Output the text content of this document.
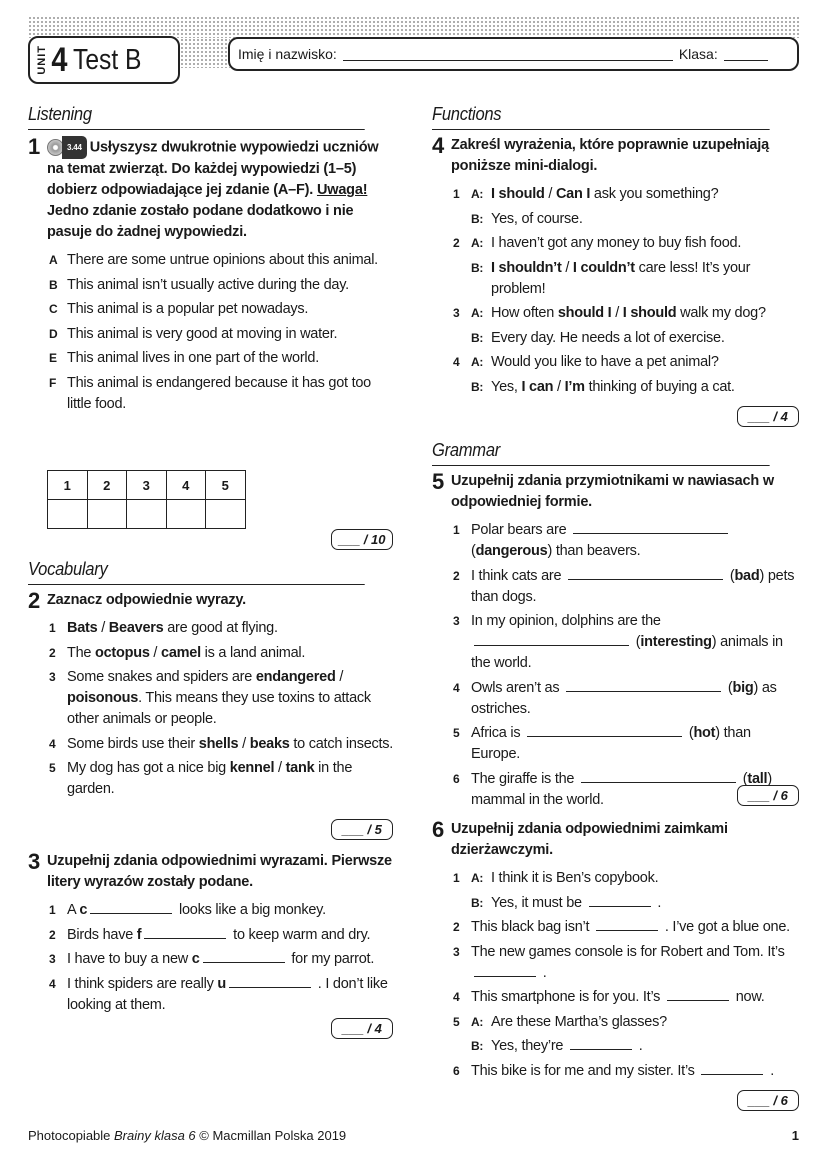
UNIT 4 Test B	Imię i nazwisko:	Klasa:
Listening
1	3.44 Usłyszysz dwukrotnie wypowiedzi uczniów na temat zwierząt. Do każdej wypowiedzi (1–5) dobierz odpowiadające jej zdanie (A–F). Uwaga! Jedno zdanie zostało podane dodatkowo i nie pasuje do żadnej wypowiedzi.
A There are some untrue opinions about this animal.
B This animal isn’t usually active during the day.
C This animal is a popular pet nowadays.
D This animal is very good at moving in water.
E This animal lives in one part of the world.
F This animal is endangered because it has got too little food.
1	2	3	4	5

___ / 10
Vocabulary
2 Zaznacz odpowiednie wyrazy.
1 Bats / Beavers are good at flying.
2 The octopus / camel is a land animal.
3 Some snakes and spiders are endangered / poisonous. This means they use toxins to attack other animals or people.
4 Some birds use their shells / beaks to catch insects.
5 My dog has got a nice big kennel / tank in the garden.
___ / 5
3 Uzupełnij zdania odpowiednimi wyrazami. Pierwsze litery wyrazów zostały podane.
1 A c	looks like a big monkey.
2 Birds have f	to keep warm and dry.
3 I have to buy a new c	for my parrot.
4 I think spiders are really u	. I don’t like looking at them.
___ / 4
Functions
4 Zakreśl wyrażenia, które poprawnie uzupełniają poniższe mini-dialogi.
1 A: I should / Can I ask you something?
B: Yes, of course.
2 A: I haven’t got any money to buy fish food.
B: I shouldn’t / I couldn’t care less! It’s your problem!
3 A: How often should I / I should walk my dog?
B: Every day. He needs a lot of exercise.
4 A: Would you like to have a pet animal?
B: Yes, I can / I’m thinking of buying a cat.
___ / 4
Grammar
5 Uzupełnij zdania przymiotnikami w nawiasach w odpowiedniej formie.
1 Polar bears are  (dangerous) than beavers.
2 I think cats are	(bad) pets than dogs.
3 In my opinion, dolphins are the  (interesting) animals in the world.
4 Owls aren’t as	(big) as ostriches.
5 Africa is	(hot) than Europe.
6 The giraffe is the	(tall) mammal in the world.	___ / 6
6 Uzupełnij zdania odpowiednimi zaimkami dzierżawczymi.
1 A: I think it is Ben’s copybook.
B: Yes, it must be	.
2 This black bag isn’t	. I’ve got a blue one.
3 The new games console is for Robert and Tom. It’s  .
4 This smartphone is for you. It’s	now.
5 A: Are these Martha’s glasses?
B: Yes, they’re	.
6 This bike is for me and my sister. It’s	.
___ / 6
Photocopiable Brainy klasa 6 © Macmillan Polska 2019	1
